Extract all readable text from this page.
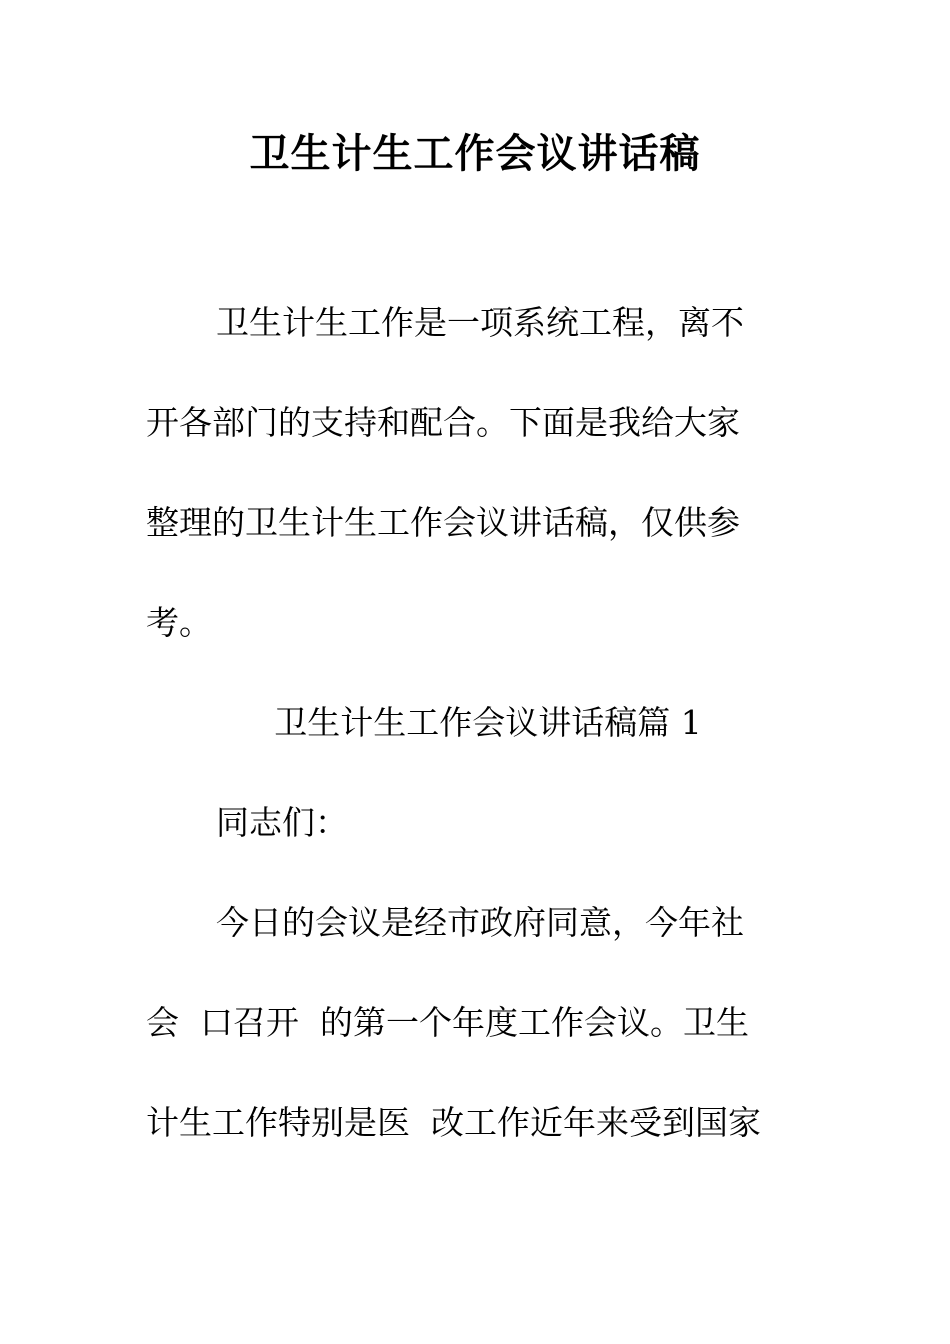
卫生计生工作会议讲话稿
卫生计生工作是一项系统工程，离不
开各部门的支持和配合。下面是我给大家
整理的卫生计生工作会议讲话稿，仅供参
考。
卫生计生工作会议讲话稿篇 1
同志们：
今日的会议是经市政府同意，今年社
会  口召开  的第一个年度工作会议。卫生
计生工作特别是医  改工作近年来受到国家
